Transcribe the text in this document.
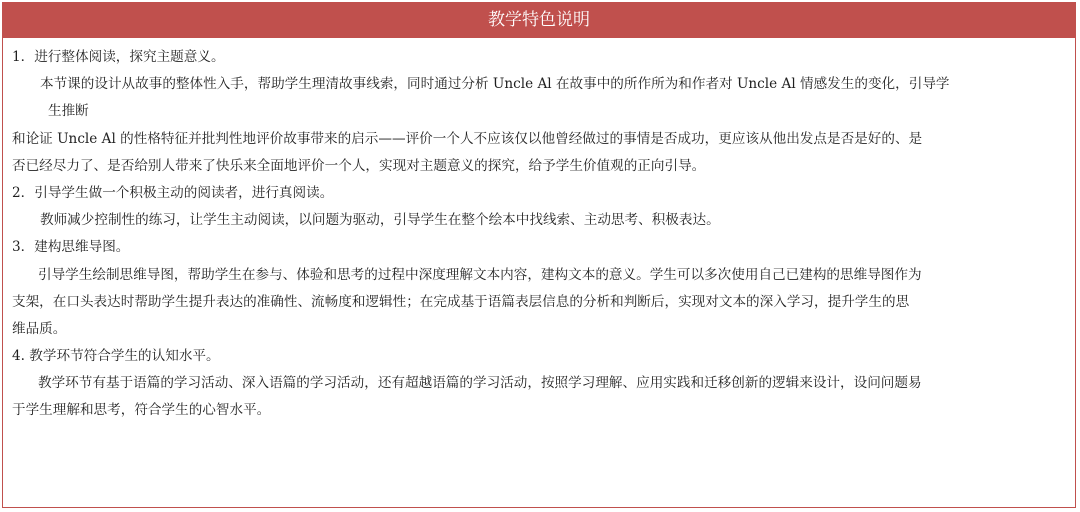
教学特色说明
1．进行整体阅读，探究主题意义。
本节课的设计从故事的整体性入手，帮助学生理清故事线索，同时通过分析 Uncle Al 在故事中的所作所为和作者对 Uncle Al 情感发生的变化，引导学
生推断
和论证 Uncle Al 的性格特征并批判性地评价故事带来的启示——评价一个人不应该仅以他曾经做过的事情是否成功，更应该从他出发点是否是好的、是
否已经尽力了、是否给别人带来了快乐来全面地评价一个人，实现对主题意义的探究，给予学生价值观的正向引导。
2．引导学生做一个积极主动的阅读者，进行真阅读。
教师减少控制性的练习，让学生主动阅读，以问题为驱动，引导学生在整个绘本中找线索、主动思考、积极表达。
3．建构思维导图。
引导学生绘制思维导图，帮助学生在参与、体验和思考的过程中深度理解文本内容，建构文本的意义。学生可以多次使用自己已建构的思维导图作为
支架，在口头表达时帮助学生提升表达的准确性、流畅度和逻辑性；在完成基于语篇表层信息的分析和判断后，实现对文本的深入学习，提升学生的思
维品质。
4. 教学环节符合学生的认知水平。
教学环节有基于语篇的学习活动、深入语篇的学习活动，还有超越语篇的学习活动，按照学习理解、应用实践和迁移创新的逻辑来设计，设问问题易
于学生理解和思考，符合学生的心智水平。
